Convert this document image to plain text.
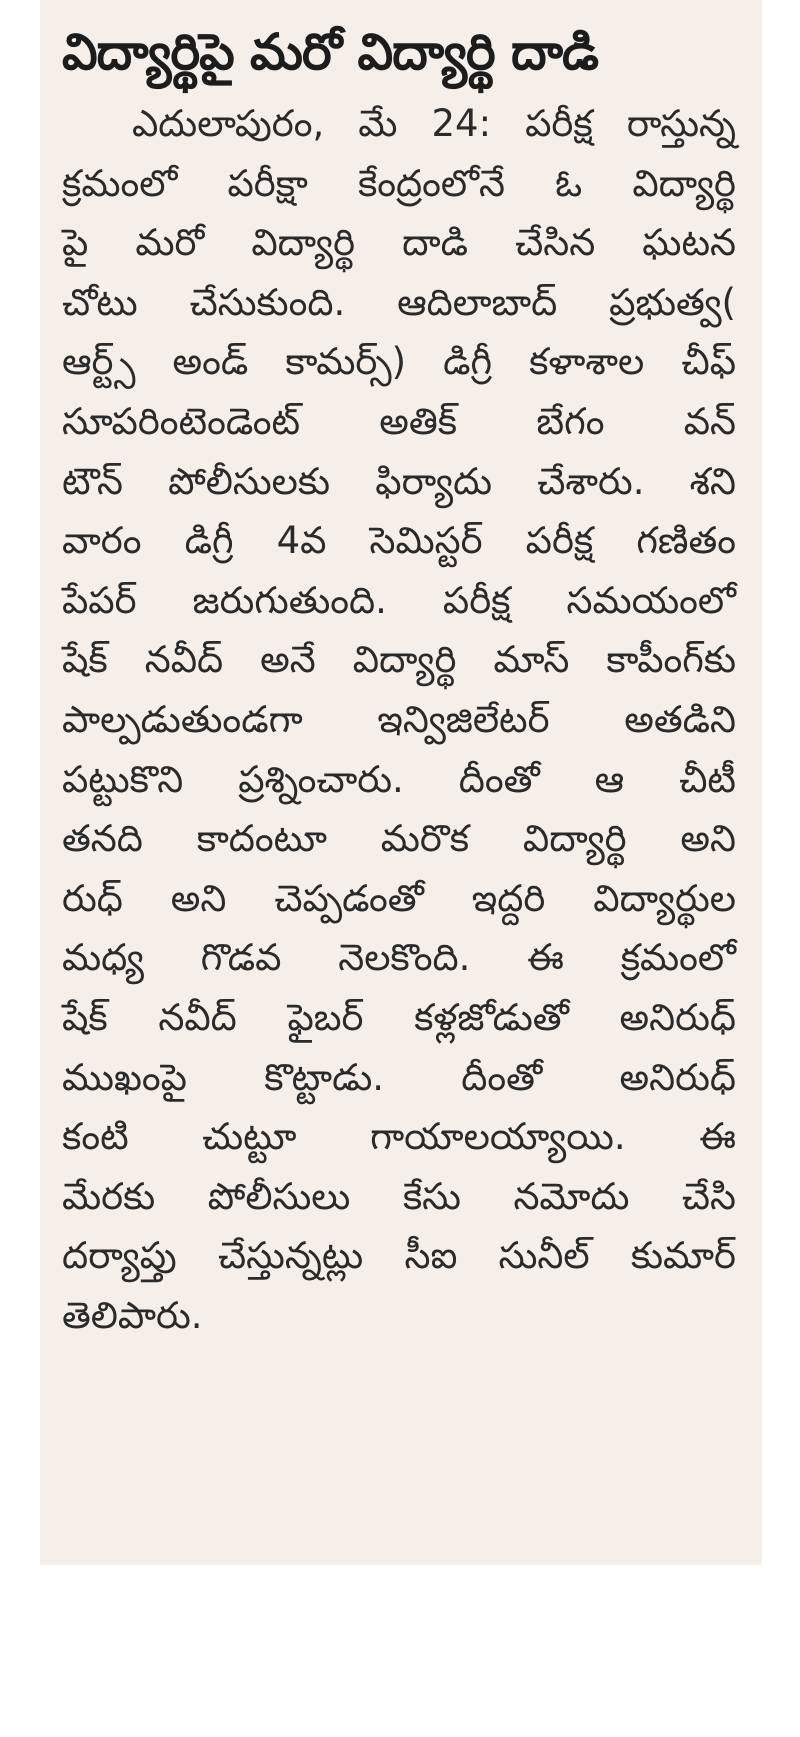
విద్యార్థిపై మరో విద్యార్థి దాడి
ఎదులాపురం, మే 24: పరీక్ష రాస్తున్న
క్రమంలో పరీక్షా కేంద్రంలోనే ఓ విద్యార్థి
పై మరో విద్యార్థి దాడి చేసిన ఘటన
చోటు చేసుకుంది. ఆదిలాబాద్ ప్రభుత్వ(
ఆర్ట్స్ అండ్ కామర్స్) డిగ్రీ కళాశాల చీఫ్
సూపరింటెండెంట్ అతిక్ బేగం వన్
టౌన్ పోలీసులకు ఫిర్యాదు చేశారు. శని
వారం డిగ్రీ 4వ సెమిస్టర్ పరీక్ష గణితం
పేపర్ జరుగుతుంది. పరీక్ష సమయంలో
షేక్ నవీద్ అనే విద్యార్థి మాస్ కాపీంగ్‌కు
పాల్పడుతుండగా ఇన్విజిలేటర్ అతడిని
పట్టుకొని ప్రశ్నించారు. దీంతో ఆ చీటీ
తనది కాదంటూ మరొక విద్యార్థి అని
రుధ్ అని చెప్పడంతో ఇద్దరి విద్యార్థుల
మధ్య గొడవ నెలకొంది. ఈ క్రమంలో
షేక్ నవీద్ ఫైబర్ కళ్లజోడుతో అనిరుధ్
ముఖంపై కొట్టాడు. దీంతో అనిరుధ్
కంటి చుట్టూ గాయాలయ్యాయి. ఈ
మేరకు పోలీసులు కేసు నమోదు చేసి
దర్యాప్తు చేస్తున్నట్లు సీఐ సునీల్ కుమార్
తెలిపారు.
